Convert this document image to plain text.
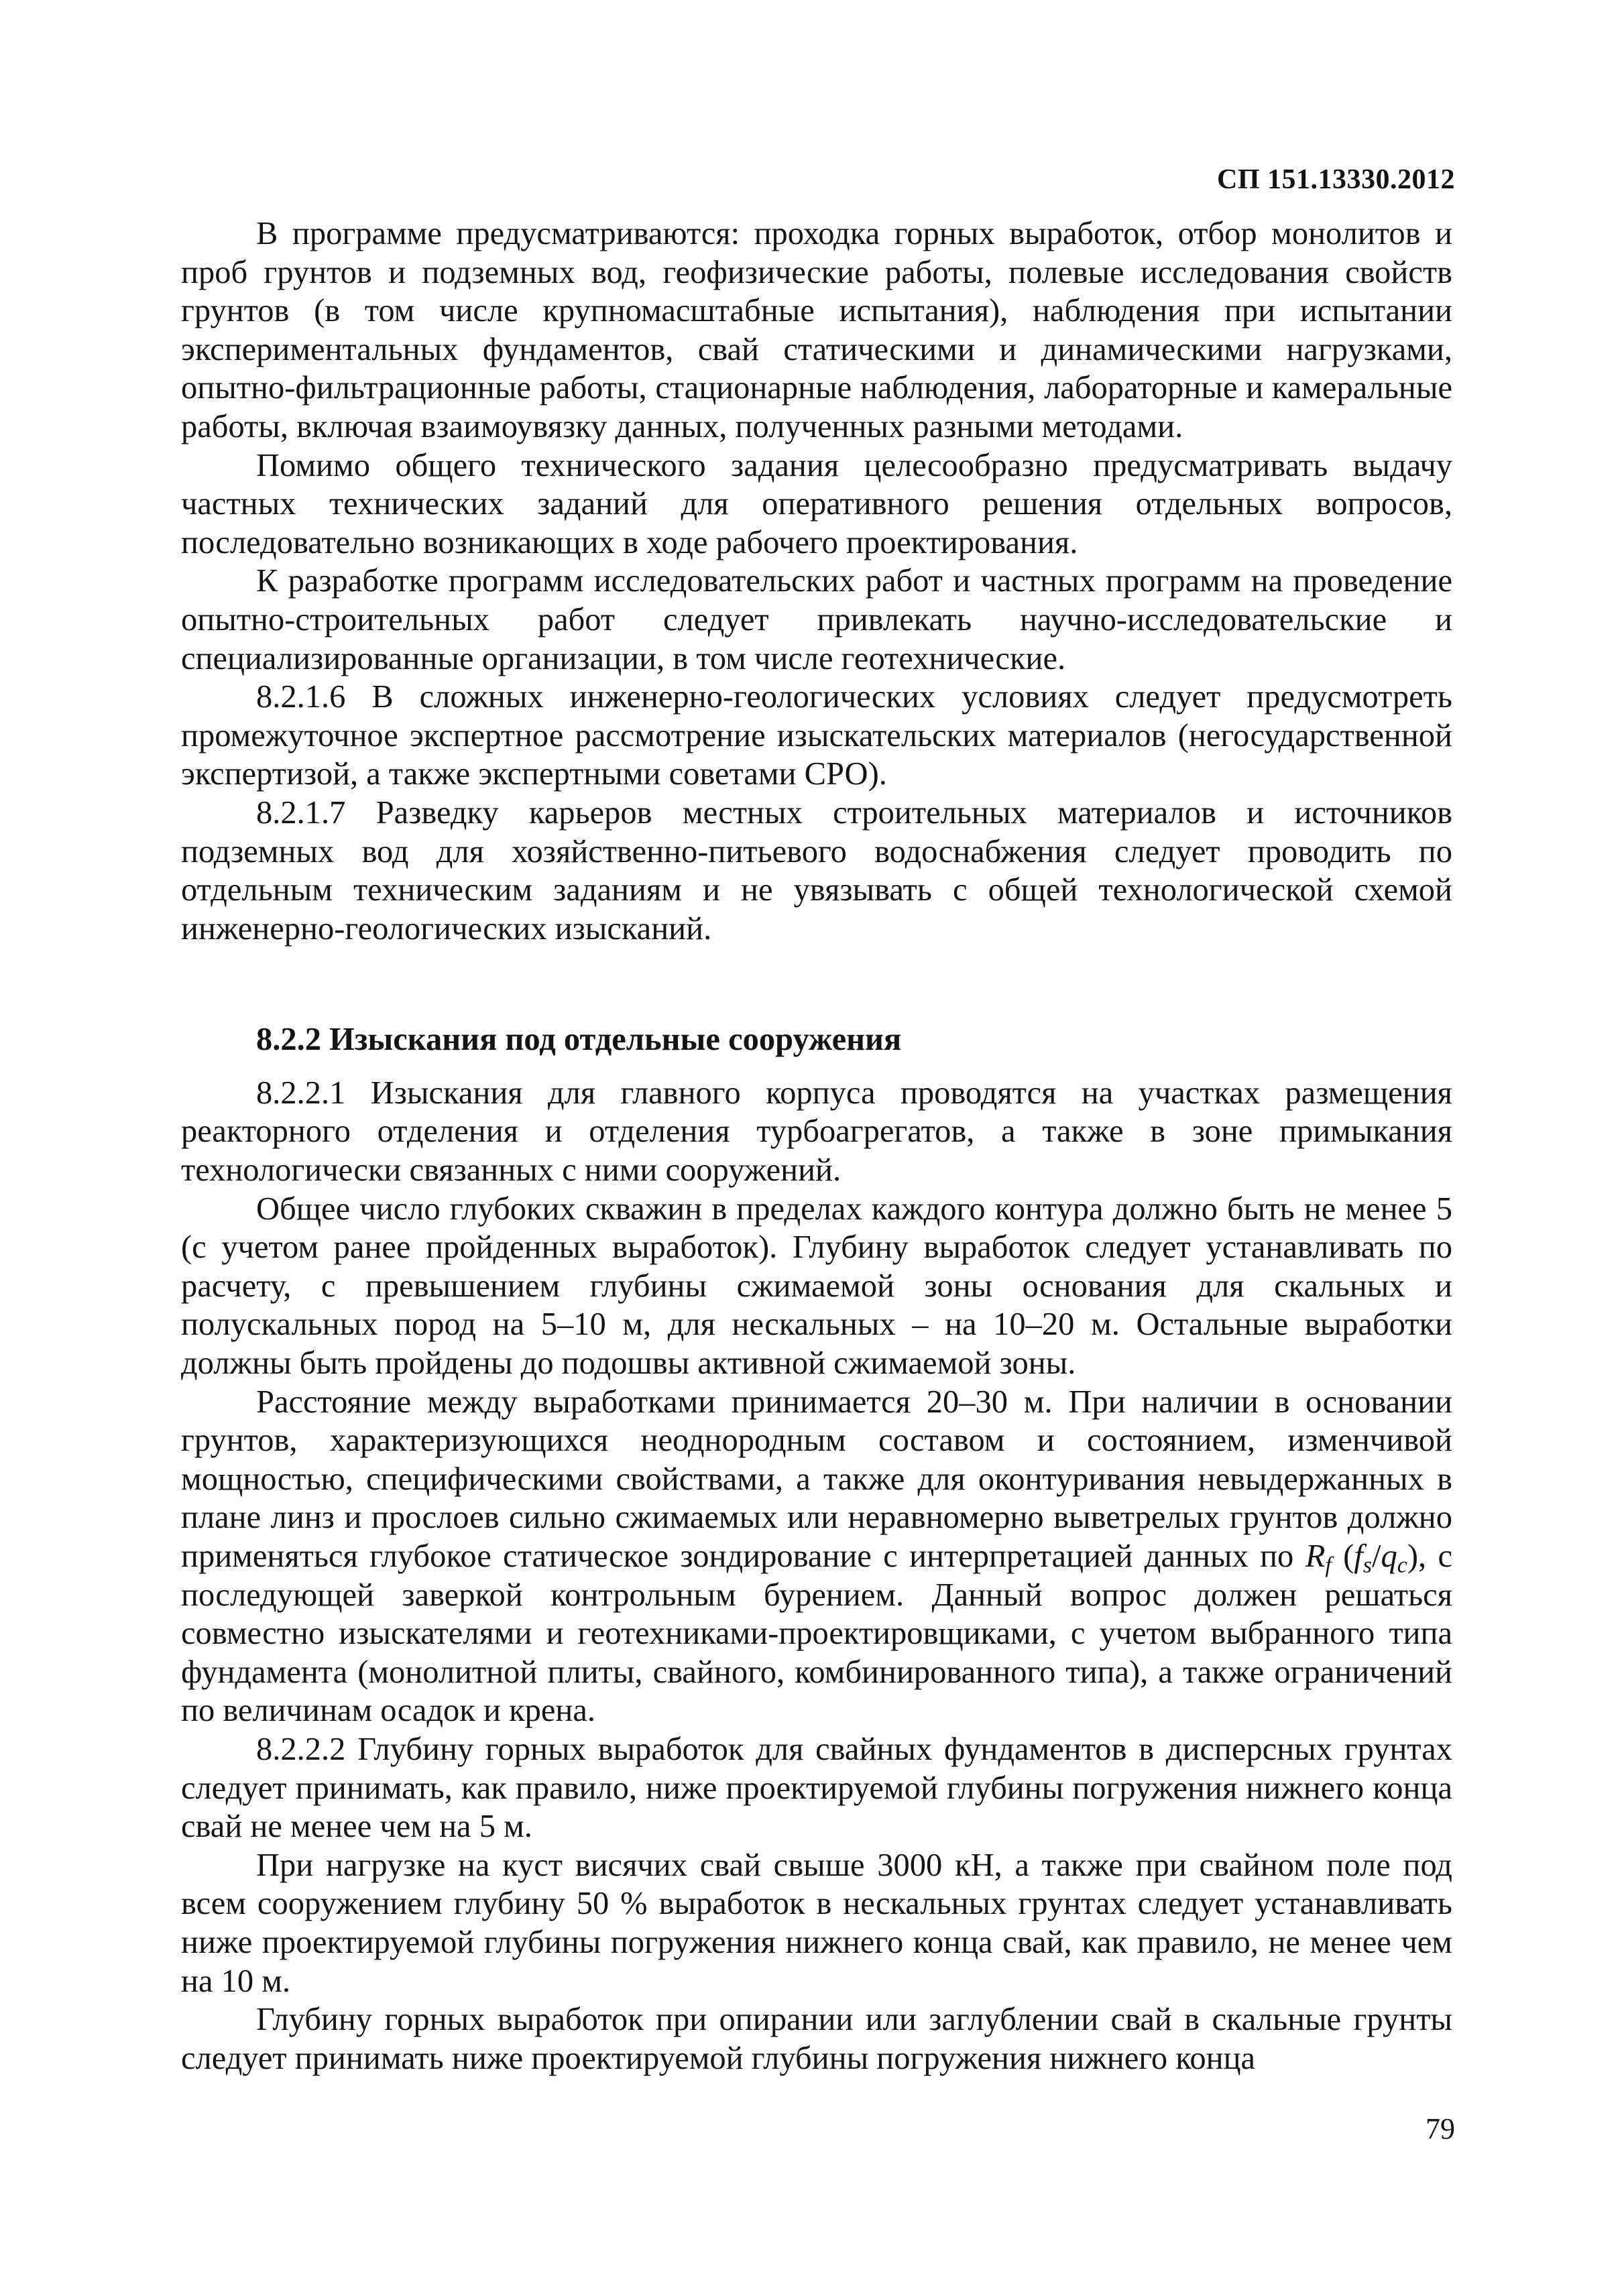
СП 151.13330.2012

В программе предусматриваются: проходка горных выработок, отбор монолитов и проб грунтов и подземных вод, геофизические работы, полевые исследования свойств грунтов (в том числе крупномасштабные испытания), наблюдения при испытании экспериментальных фундаментов, свай статическими и динамическими нагрузками, опытно-фильтрационные работы, стационарные наблюдения, лабораторные и камеральные работы, включая взаимоувязку данных, полученных разными методами.

Помимо общего технического задания целесообразно предусматривать выдачу частных технических заданий для оперативного решения отдельных вопросов, последовательно возникающих в ходе рабочего проектирования.

К разработке программ исследовательских работ и частных программ на проведение опытно-строительных работ следует привлекать научно-исследовательские и специализированные организации, в том числе геотехнические.

8.2.1.6 В сложных инженерно-геологических условиях следует предусмотреть промежуточное экспертное рассмотрение изыскательских материалов (негосударственной экспертизой, а также экспертными советами СРО).

8.2.1.7 Разведку карьеров местных строительных материалов и источников подземных вод для хозяйственно-питьевого водоснабжения следует проводить по отдельным техническим заданиям и не увязывать с общей технологической схемой инженерно-геологических изысканий.

8.2.2 Изыскания под отдельные сооружения

8.2.2.1 Изыскания для главного корпуса проводятся на участках размещения реакторного отделения и отделения турбоагрегатов, а также в зоне примыкания технологически связанных с ними сооружений.

Общее число глубоких скважин в пределах каждого контура должно быть не менее 5 (с учетом ранее пройденных выработок). Глубину выработок следует устанавливать по расчету, с превышением глубины сжимаемой зоны основания для скальных и полускальных пород на 5–10 м, для нескальных – на 10–20 м. Остальные выработки должны быть пройдены до подошвы активной сжимаемой зоны.

Расстояние между выработками принимается 20–30 м. При наличии в основании грунтов, характеризующихся неоднородным составом и состоянием, изменчивой мощностью, специфическими свойствами, а также для оконтуривания невыдержанных в плане линз и прослоев сильно сжимаемых или неравномерно выветрелых грунтов должно применяться глубокое статическое зондирование с интерпретацией данных по $R_f$ $(f_s/q_c)$, с последующей заверкой контрольным бурением. Данный вопрос должен решаться совместно изыскателями и геотехниками-проектировщиками, с учетом выбранного типа фундамента (монолитной плиты, свайного, комбинированного типа), а также ограничений по величинам осадок и крена.

8.2.2.2 Глубину горных выработок для свайных фундаментов в дисперсных грунтах следует принимать, как правило, ниже проектируемой глубины погружения нижнего конца свай не менее чем на 5 м.

При нагрузке на куст висячих свай свыше 3000 кН, а также при свайном поле под всем сооружением глубину 50 % выработок в нескальных грунтах следует устанавливать ниже проектируемой глубины погружения нижнего конца свай, как правило, не менее чем на 10 м.

Глубину горных выработок при опирании или заглублении свай в скальные грунты следует принимать ниже проектируемой глубины погружения нижнего конца

79
